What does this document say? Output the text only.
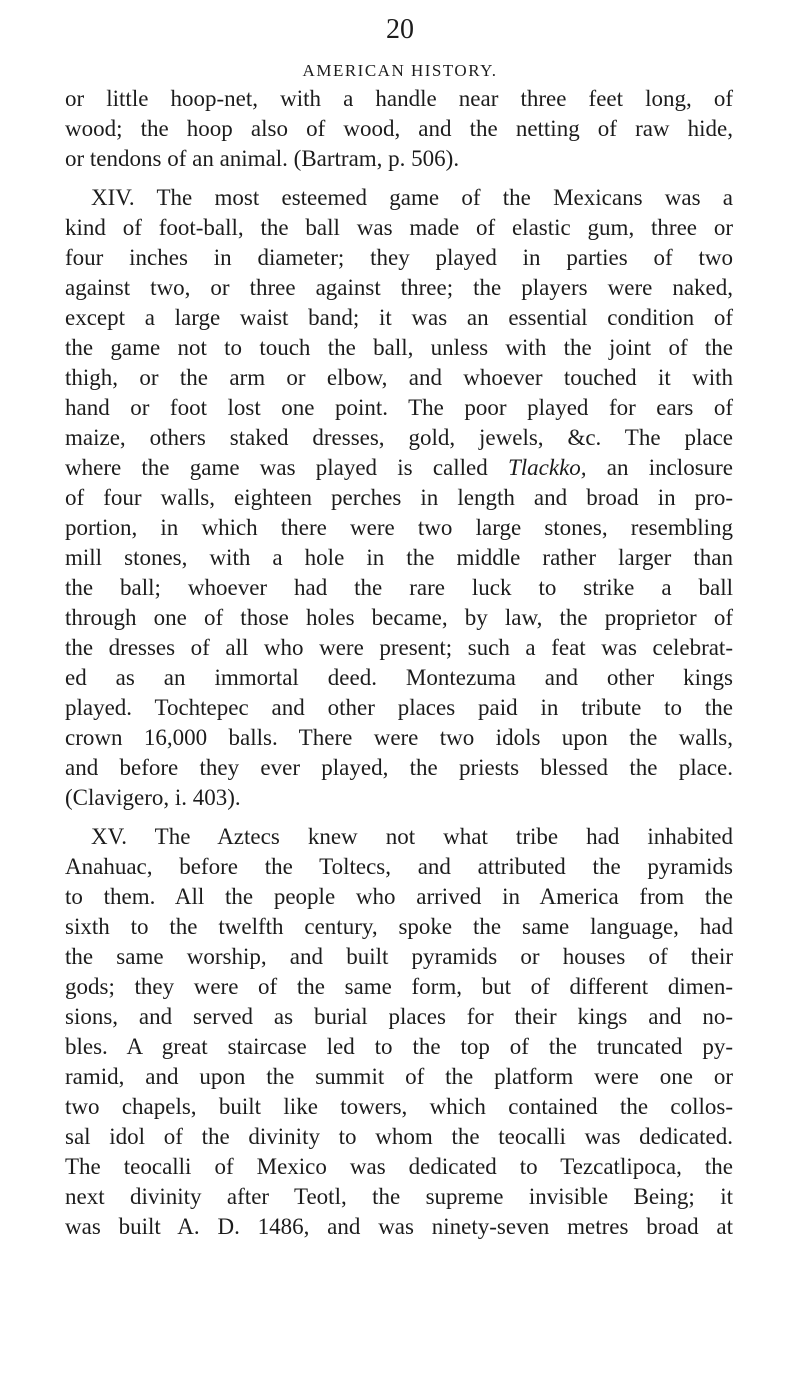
20
AMERICAN HISTORY.
or little hoop-net, with a handle near three feet long, of
wood; the hoop also of wood, and the netting of raw hide,
or tendons of an animal. (Bartram, p. 506).
XIV. The most esteemed game of the Mexicans was a
kind of foot-ball, the ball was made of elastic gum, three or
four inches in diameter; they played in parties of two
against two, or three against three; the players were naked,
except a large waist band; it was an essential condition of
the game not to touch the ball, unless with the joint of the
thigh, or the arm or elbow, and whoever touched it with
hand or foot lost one point. The poor played for ears of
maize, others staked dresses, gold, jewels, &c. The place
where the game was played is called Tlackko, an inclosure
of four walls, eighteen perches in length and broad in pro-
portion, in which there were two large stones, resembling
mill stones, with a hole in the middle rather larger than
the ball; whoever had the rare luck to strike a ball
through one of those holes became, by law, the proprietor of
the dresses of all who were present; such a feat was celebrat-
ed as an immortal deed. Montezuma and other kings
played. Tochtepec and other places paid in tribute to the
crown 16,000 balls. There were two idols upon the walls,
and before they ever played, the priests blessed the place.
(Clavigero, i. 403).
XV. The Aztecs knew not what tribe had inhabited
Anahuac, before the Toltecs, and attributed the pyramids
to them. All the people who arrived in America from the
sixth to the twelfth century, spoke the same language, had
the same worship, and built pyramids or houses of their
gods; they were of the same form, but of different dimen-
sions, and served as burial places for their kings and no-
bles. A great staircase led to the top of the truncated py-
ramid, and upon the summit of the platform were one or
two chapels, built like towers, which contained the collos-
sal idol of the divinity to whom the teocalli was dedicated.
The teocalli of Mexico was dedicated to Tezcatlipoca, the
next divinity after Teotl, the supreme invisible Being; it
was built A. D. 1486, and was ninety-seven metres broad at
